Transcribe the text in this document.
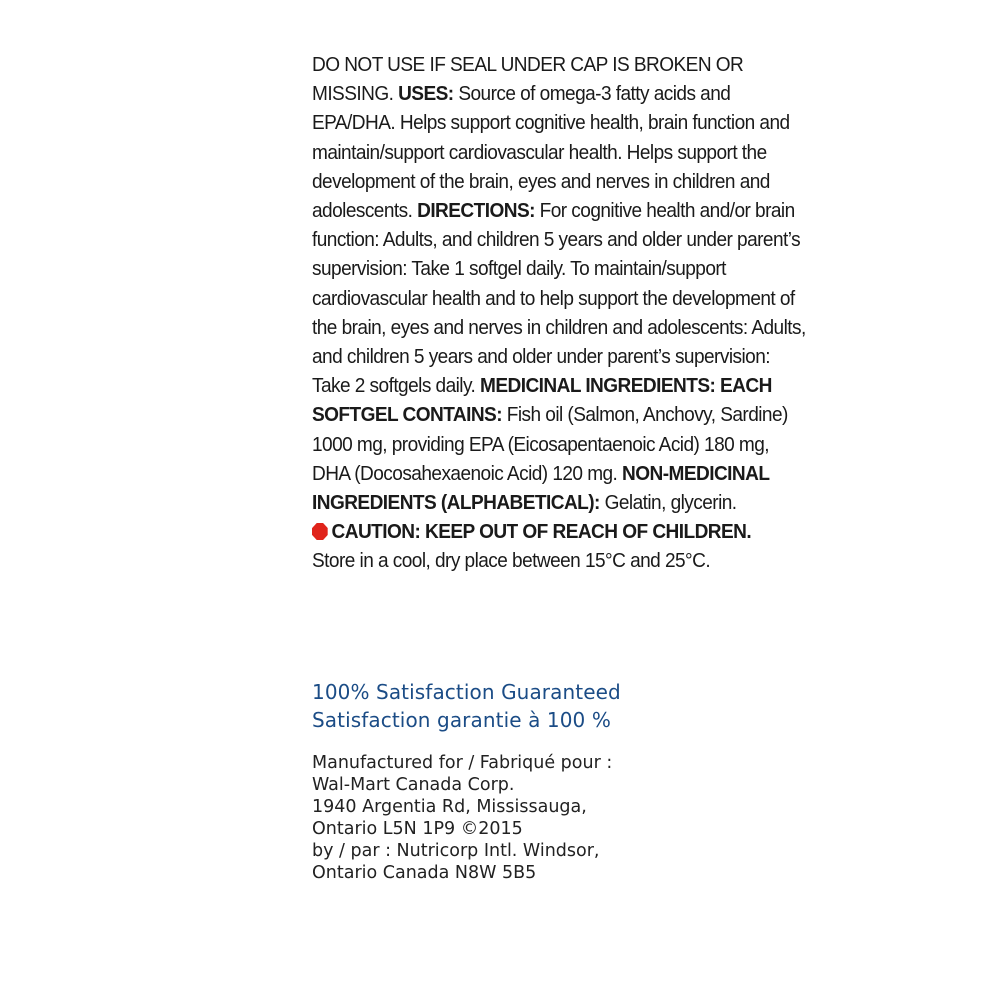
DO NOT USE IF SEAL UNDER CAP IS BROKEN OR MISSING. USES: Source of omega-3 fatty acids and EPA/DHA. Helps support cognitive health, brain function and maintain/support cardiovascular health. Helps support the development of the brain, eyes and nerves in children and adolescents. DIRECTIONS: For cognitive health and/or brain function: Adults, and children 5 years and older under parent’s supervision: Take 1 softgel daily. To maintain/support cardiovascular health and to help support the development of the brain, eyes and nerves in children and adolescents: Adults, and children 5 years and older under parent’s supervision: Take 2 softgels daily. MEDICINAL INGREDIENTS: EACH SOFTGEL CONTAINS: Fish oil (Salmon, Anchovy, Sardine) 1000 mg, providing EPA (Eicosapentaenoic Acid) 180 mg, DHA (Docosahexaenoic Acid) 120 mg. NON-MEDICINAL INGREDIENTS (ALPHABETICAL): Gelatin, glycerin.
CAUTION: KEEP OUT OF REACH OF CHILDREN.
Store in a cool, dry place between 15°C and 25°C.

100% Satisfaction Guaranteed
Satisfaction garantie à 100 %
Manufactured for / Fabriqué pour :
Wal-Mart Canada Corp.
1940 Argentia Rd, Mississauga,
Ontario L5N 1P9 ©2015
by / par : Nutricorp Intl. Windsor,
Ontario Canada N8W 5B5
